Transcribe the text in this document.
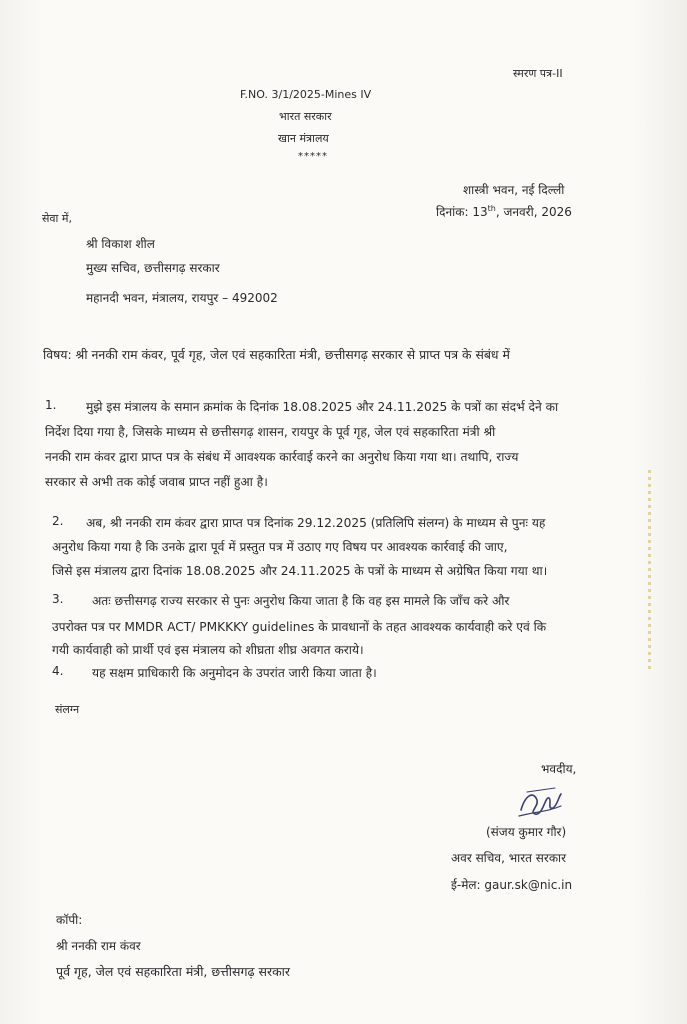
स्मरण पत्र-II
F.NO. 3/1/2025-Mines IV
भारत सरकार
खान मंत्रालय
*****
शास्त्री भवन, नई दिल्ली
दिनांक: 13th, जनवरी, 2026
सेवा में,
श्री विकाश शील
मुख्य सचिव, छत्तीसगढ़ सरकार
महानदी भवन, मंत्रालय, रायपुर – 492002
विषय: श्री ननकी राम कंवर, पूर्व गृह, जेल एवं सहकारिता मंत्री, छत्तीसगढ़ सरकार से प्राप्त पत्र के संबंध में
1. मुझे इस मंत्रालय के समान क्रमांक के दिनांक 18.08.2025 और 24.11.2025 के पत्रों का संदर्भ देने का
निर्देश दिया गया है, जिसके माध्यम से छत्तीसगढ़ शासन, रायपुर के पूर्व गृह, जेल एवं सहकारिता मंत्री श्री
ननकी राम कंवर द्वारा प्राप्त पत्र के संबंध में आवश्यक कार्रवाई करने का अनुरोध किया गया था। तथापि, राज्य
सरकार से अभी तक कोई जवाब प्राप्त नहीं हुआ है।
2. अब, श्री ननकी राम कंवर द्वारा प्राप्त पत्र दिनांक 29.12.2025 (प्रतिलिपि संलग्न) के माध्यम से पुनः यह
अनुरोध किया गया है कि उनके द्वारा पूर्व में प्रस्तुत पत्र में उठाए गए विषय पर आवश्यक कार्रवाई की जाए,
जिसे इस मंत्रालय द्वारा दिनांक 18.08.2025 और 24.11.2025 के पत्रों के माध्यम से अग्रेषित किया गया था।
3. अतः छत्तीसगढ़ राज्य सरकार से पुनः अनुरोध किया जाता है कि वह इस मामले कि जाँच करे और
उपरोक्त पत्र पर MMDR ACT/ PMKKKY guidelines के प्रावधानों के तहत आवश्यक कार्यवाही करे एवं कि
गयी कार्यवाही को प्रार्थी एवं इस मंत्रालय को शीघ्रता शीघ्र अवगत कराये।
4. यह सक्षम प्राधिकारी कि अनुमोदन के उपरांत जारी किया जाता है।
संलग्न
भवदीय,
(संजय कुमार गौर)
अवर सचिव, भारत सरकार
ई-मेल: gaur.sk@nic.in
कॉपी:
श्री ननकी राम कंवर
पूर्व गृह, जेल एवं सहकारिता मंत्री, छत्तीसगढ़ सरकार
